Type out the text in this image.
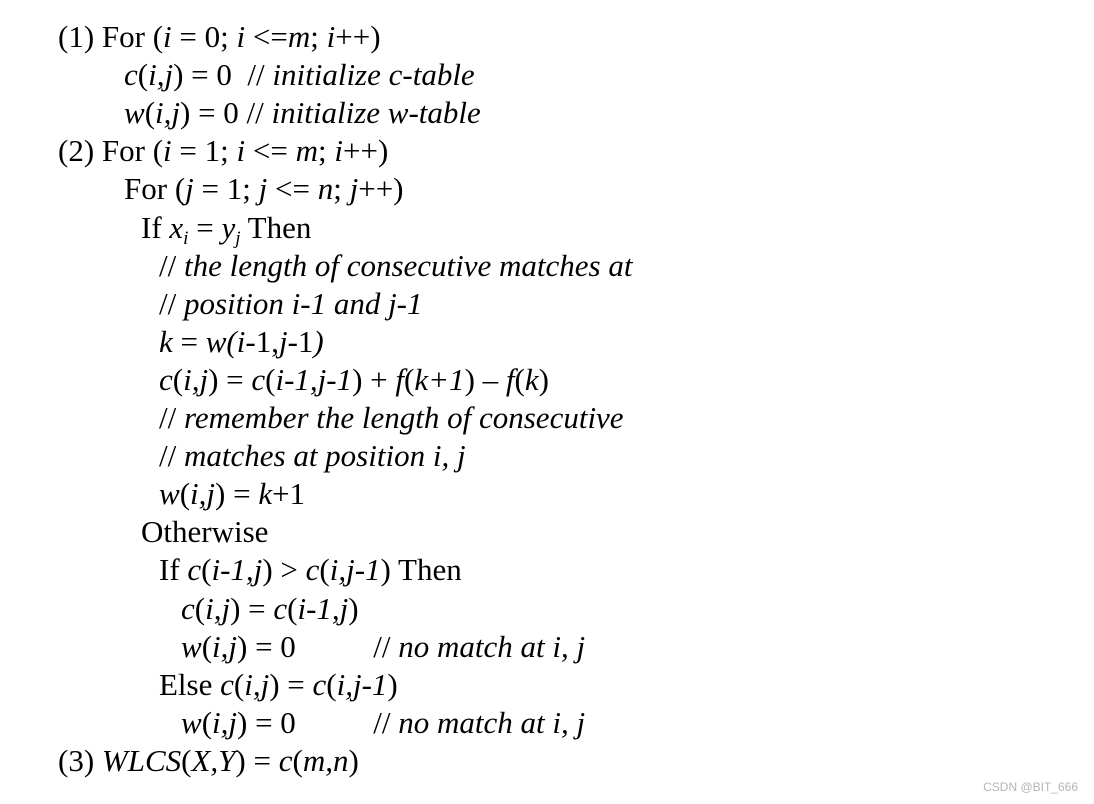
(1) For (i = 0; i <=m; i++)
c(i,j) = 0  // initialize c-table
w(i,j) = 0 // initialize w-table
(2) For (i = 1; i <= m; i++)
For (j = 1; j <= n; j++)
If $x_i = y_j$ Then
// the length of consecutive matches at
// position i-1 and j-1
k = w(i-1,j-1)
c(i,j) = c(i-1,j-1) + f(k+1) – f(k)
// remember the length of consecutive
// matches at position i, j
w(i,j) = k+1
Otherwise
If c(i-1,j) > c(i,j-1) Then
c(i,j) = c(i-1,j)
w(i,j) = 0          // no match at i, j
Else c(i,j) = c(i,j-1)
w(i,j) = 0          // no match at i, j
(3) WLCS(X,Y) = c(m,n)
CSDN @BIT_666
